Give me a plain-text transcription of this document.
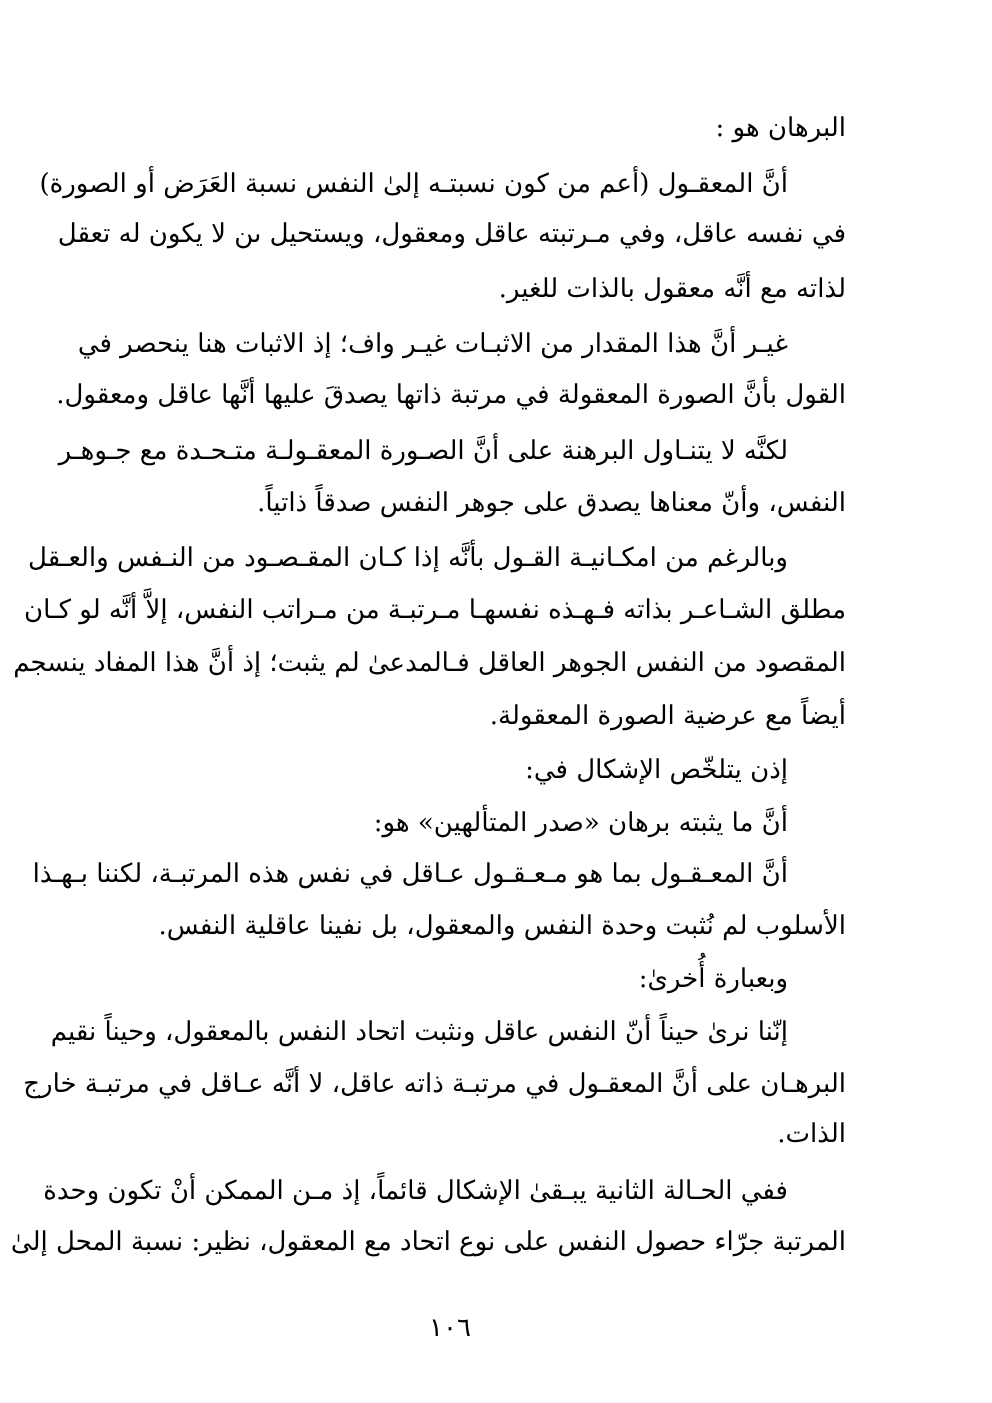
البرهان هو :
أنَّ المعقـول (أعم من كون نسبتـه إلىٰ النفس نسبة العَرَض أو الصورة)
في نفسه عاقل، وفي مـرتبته عاقل ومعقول، ويستحيل ىن لا يكون له تعقل
لذاته مع أنَّه معقول بالذات للغير.
غيـر أنَّ هذا المقدار من الاثبـات غيـر واف؛ إذ الاثبات هنا ينحصر في
القول بأنَّ الصورة المعقولة في مرتبة ذاتها يصدقَ عليها أنَّها عاقل ومعقول.
لكنَّه لا يتنـاول البرهنة على أنَّ الصـورة المعقـولـة متـحـدة مع جـوهـر
النفس، وأنّ معناها يصدق على جوهر النفس صدقاً ذاتياً.
وبالرغم من امكـانيـة القـول بأنَّه إذا كـان المقـصـود من النـفس والعـقل
مطلق الشـاعـر بذاته فـهـذه نفسهـا مـرتبـة من مـراتب النفس، إلاَّ أنَّه لو كـان
المقصود من النفس الجوهر العاقل فـالمدعىٰ لم يثبت؛ إذ أنَّ هذا المفاد ينسجم
أيضاً مع عرضية الصورة المعقولة.
إذن يتلخّص الإشكال في:
أنَّ ما يثبته برهان «صدر المتألهين» هو:
أنَّ المعـقـول بما هو مـعـقـول عـاقل في نفس هذه المرتبـة، لكننا بـهـذا
الأسلوب لم نُثبت وحدة النفس والمعقول، بل نفينا عاقلية النفس.
وبعبارة أُخرىٰ:
إنّنا نرىٰ حيناً أنّ النفس عاقل ونثبت اتحاد النفس بالمعقول، وحيناً نقيم
البرهـان على أنَّ المعقـول في مرتبـة ذاته عاقل، لا أنَّه عـاقل في مرتبـة خارج
الذات.
ففي الحـالة الثانية يبـقىٰ الإشكال قائماً، إذ مـن الممكن أنْ تكون وحدة
المرتبة جرّاء حصول النفس على نوع اتحاد مع المعقول، نظير: نسبة المحل إلىٰ
١٠٦
